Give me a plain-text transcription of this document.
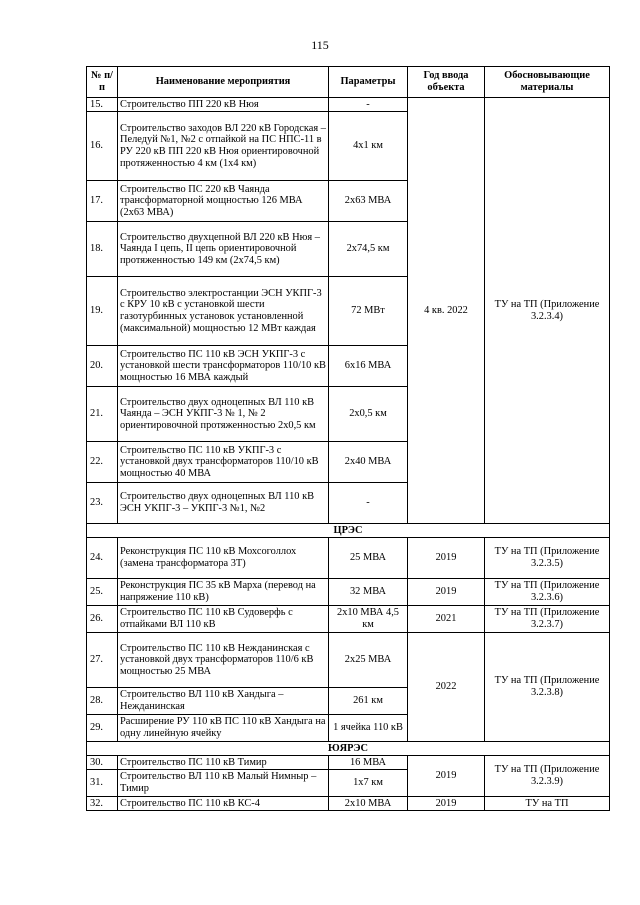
115
№ п/п	Наименование мероприятия	Параметры	Год ввода объекта	Обосновывающие материалы
15.	Строительство ПП 220 кВ Нюя	-	4 кв. 2022	ТУ на ТП (Приложение 3.2.3.4)
16.	Строительство заходов ВЛ 220 кВ Городская – Пеледуй №1, №2 с отпайкой на ПС НПС-11 в РУ 220 кВ ПП 220 кВ Нюя ориентировочной протяженностью 4 км (1х4 км)	4х1 км		
17.	Строительство ПС 220 кВ Чаянда трансформаторной мощностью 126 МВА (2х63 МВА)	2х63 МВА		
18.	Строительство двухцепной ВЛ 220 кВ Нюя – Чаянда I цепь, II цепь ориентировочной протяженностью 149 км (2х74,5 км)	2х74,5 км		
19.	Строительство электростанции ЭСН УКПГ-3 с КРУ 10 кВ с установкой шести газотурбинных установок установленной (максимальной) мощностью 12 МВт каждая	72 МВт		
20.	Строительство ПС 110 кВ ЭСН УКПГ-3 с установкой шести трансформаторов 110/10 кВ мощностью 16 МВА каждый	6х16 МВА		
21.	Строительство двух одноцепных ВЛ 110 кВ Чаянда – ЭСН УКПГ-3 № 1, № 2 ориентировочной протяженностью 2х0,5 км	2х0,5 км		
22.	Строительство ПС 110 кВ УКПГ-3 с установкой двух трансформаторов 110/10 кВ мощностью 40 МВА	2х40 МВА		
23.	Строительство двух одноцепных ВЛ 110 кВ ЭСН УКПГ-3 – УКПГ-3 №1, №2	-		
ЦРЭС				
24.	Реконструкция ПС 110 кВ Мохсоголлох (замена трансформатора 3Т)	25 МВА	2019	ТУ на ТП (Приложение 3.2.3.5)
25.	Реконструкция ПС 35 кВ Марха (перевод на напряжение 110 кВ)	32 МВА	2019	ТУ на ТП (Приложение 3.2.3.6)
26.	Строительство ПС 110 кВ Судоверфь с отпайками ВЛ 110 кВ	2х10 МВА 4,5 км	2021	ТУ на ТП (Приложение 3.2.3.7)
27.	Строительство ПС 110 кВ Нежданинская с установкой двух трансформаторов 110/6 кВ мощностью 25 МВА	2х25 МВА	2022	ТУ на ТП (Приложение 3.2.3.8)
28.	Строительство ВЛ 110 кВ Хандыга – Нежданинская	261 км		
29.	Расширение РУ 110 кВ ПС 110 кВ Хандыга на одну линейную ячейку	1 ячейка 110 кВ		
ЮЯРЭС				
30.	Строительство ПС 110 кВ Тимир	16 МВА	2019	ТУ на ТП (Приложение 3.2.3.9)
31.	Строительство ВЛ 110 кВ Малый Нимныр – Тимир	1х7 км		
32.	Строительство ПС 110 кВ КС-4	2х10 МВА	2019	ТУ на ТП
